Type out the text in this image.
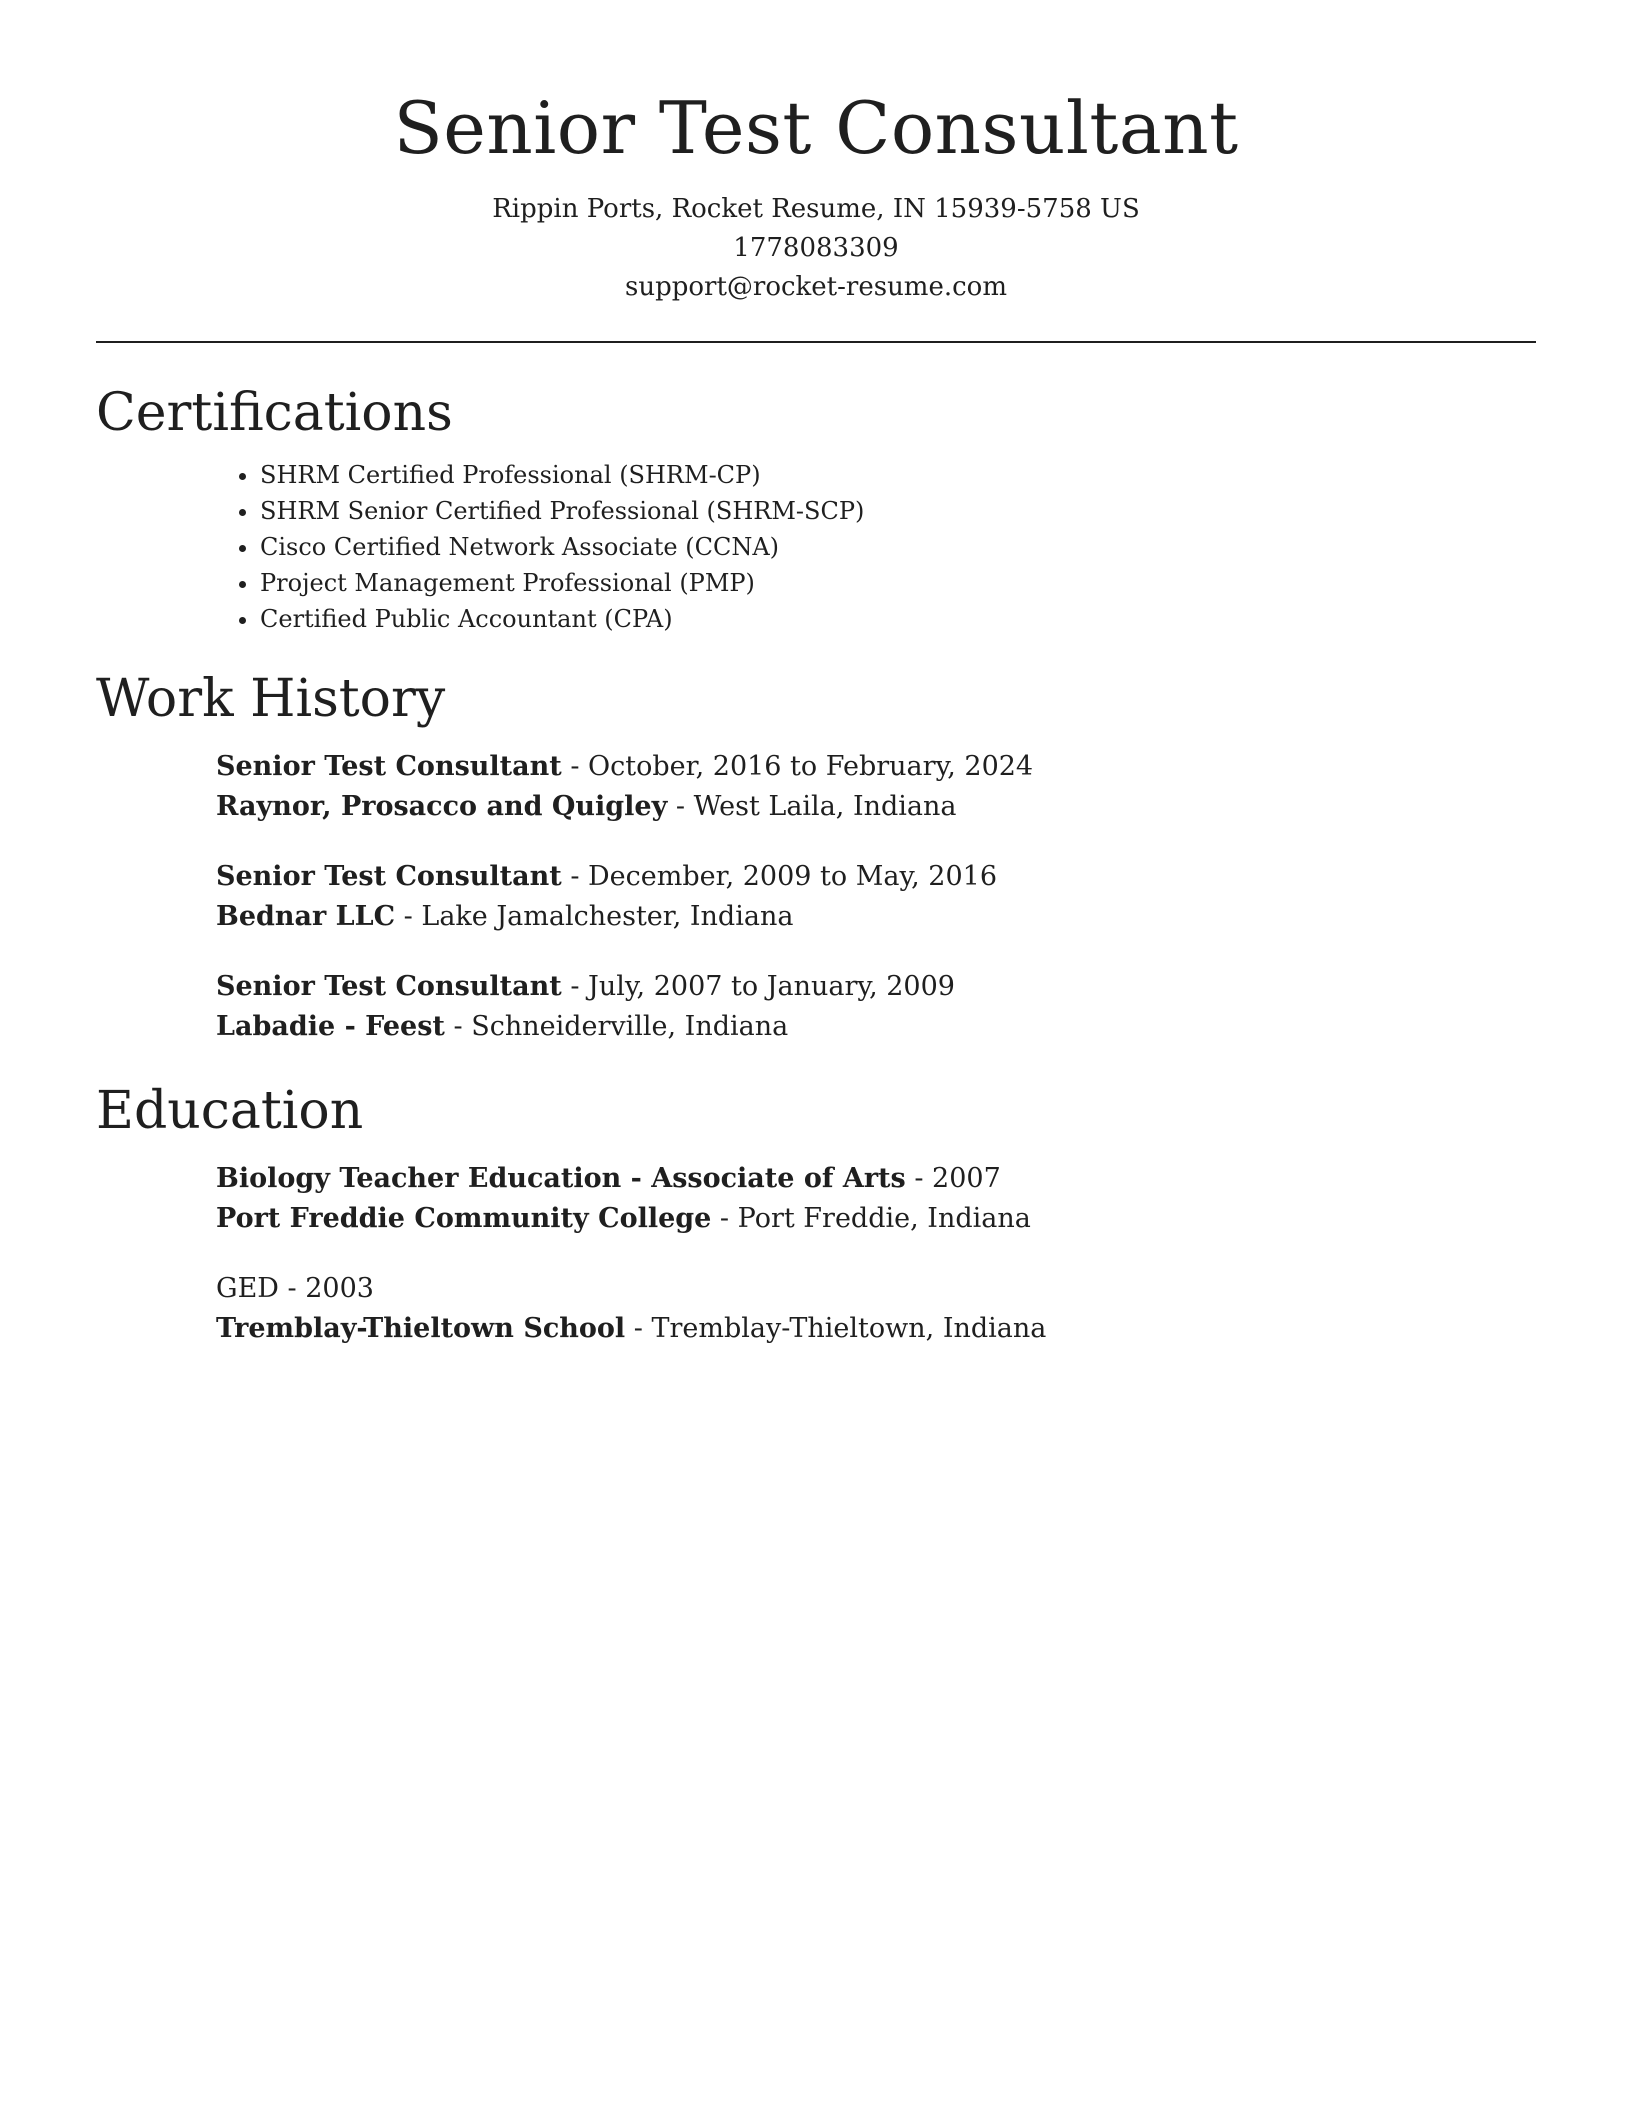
Senior Test Consultant

Rippin Ports, Rocket Resume, IN 15939-5758 US

1778083309

support@rocket-resume.com

Certifications
• SHRM Certified Professional (SHRM-CP)
• SHRM Senior Certified Professional (SHRM-SCP)
• Cisco Certified Network Associate (CCNA)
• Project Management Professional (PMP)
• Certified Public Accountant (CPA)
Work History

Senior Test Consultant - October, 2016 to February, 2024

Raynor, Prosacco and Quigley - West Laila, Indiana

Senior Test Consultant - December, 2009 to May, 2016

Bednar LLC - Lake Jamalchester, Indiana

Senior Test Consultant - July, 2007 to January, 2009

Labadie - Feest - Schneiderville, Indiana

Education

Biology Teacher Education - Associate of Arts - 2007

Port Freddie Community College - Port Freddie, Indiana

GED - 2003

Tremblay-Thieltown School - Tremblay-Thieltown, Indiana
